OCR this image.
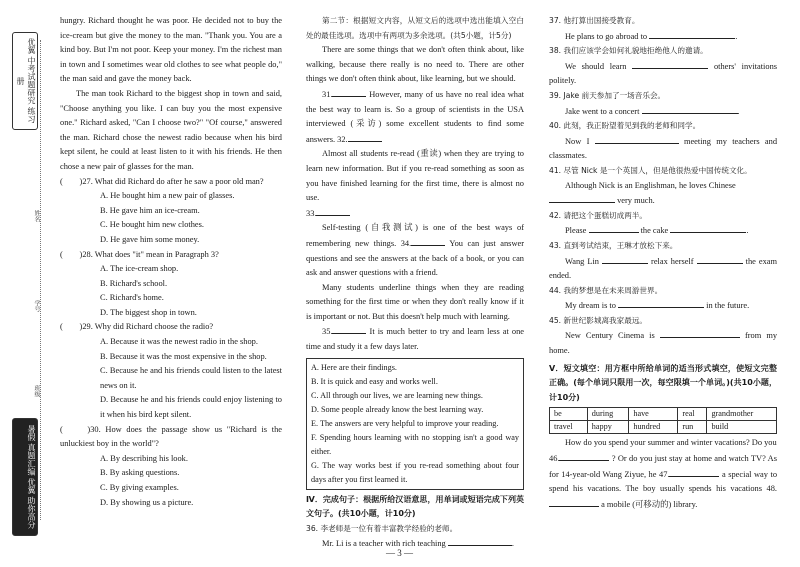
优翼 中考试题研究 练习册
姓名
学号
班级
暑假 真题汇编 优翼 助你高分

hungry. Richard thought he was poor. He decided not to buy the ice-cream but give the money to the man. "Thank you. You are a kind boy. But I'm not poor. Keep your money. I'm the richest man in town and I sometimes wear old clothes to see what people do," the man said and gave the money back.

The man took Richard to the biggest shop in town and said, "Choose anything you like. I can buy you the most expensive one." Richard asked, "Can I choose two?" "Of course," answered the man. Richard chose the newest radio because when his bird kept silent, he could at least listen to it with his friends. He then chose a new pair of glasses for the man.

(　　)27. What did Richard do after he saw a poor old man?

A. He bought him a new pair of glasses.

B. He gave him an ice-cream.

C. He bought him new clothes.

D. He gave him some money.

(　　)28. What does "it" mean in Paragraph 3?

A. The ice-cream shop.

B. Richard's school.

C. Richard's home.

D. The biggest shop in town.

(　　)29. Why did Richard choose the radio?

A. Because it was the newest radio in the shop.

B. Because it was the most expensive in the shop.

C. Because he and his friends could listen to the latest news on it.

D. Because he and his friends could enjoy listening to it when his bird kept silent.

(　　)30. How does the passage show us "Richard is the unluckiest boy in the world"?

A. By describing his look.

B. By asking questions.

C. By giving examples.

D. By showing us a picture.

第二节：根据短文内容，从短文后的选项中选出能填入空白处的最佳选项。选项中有两项为多余选项。(共5小题，计5分)

There are some things that we don't often think about, like walking, because there really is no need to. There are other things we don't often think about, like learning, but we should.

31.	However, many of us have no real idea what the best way to learn is. So a group of scientists in the USA interviewed (采访) some excellent students to find some answers. 32.

Almost all students re-read (重读) when they are trying to learn new information. But if you re-read something as soon as you have finished learning for the first time, there is almost no use.

33.

Self-testing (自我测试) is one of the best ways of remembering new things. 34.	You can just answer questions and see the answers at the back of a book, or you can ask and answer questions with a friend.

Many students underline things when they are reading something for the first time or when they don't really know if it is important or not. But this doesn't help much with learning.

35.	It is much better to try and learn less at one time and study it a few days later.

A. Here are their findings.

B. It is quick and easy and works well.

C. All through our lives, we are learning new things.

D. Some people already know the best learning way.

E. The answers are very helpful to improve your reading.

F. Spending hours learning with no stopping isn't a good way either.

G. The way works best if you re-read something about four days after you first learned it.

Ⅳ．完成句子：根据所给汉语意思，用单词或短语完成下列英文句子。(共10小题，计10分)

36. 李老师是一位有着丰富教学经验的老师。

Mr. Li is a teacher with rich teaching	.

37. 他打算出国接受教育。

He plans to go abroad to	.

38. 我们应该学会如何礼貌地拒绝他人的邀请。

We should learn	others' invitations politely.

39. Jake 前天参加了一场音乐会。

Jake went to a concert	.

40. 此刻，我正盼望着见到我的老师和同学。

Now I	meeting my teachers and classmates.

41. 尽管 Nick 是一个英国人，但是他很热爱中国传统文化。

Although Nick is an Englishman, he loves Chinese
very much.

42. 请把这个蛋糕切成两半。

Please	the cake	.

43. 直到考试结束，王琳才放松下来。

Wang Lin	relax herself	the exam ended.

44. 我的梦想是在未来周游世界。

My dream is to	in the future.

45. 新世纪影城离我家最远。

New Century Cinema is	from my home.

Ⅴ．短文填空：用方框中所给单词的适当形式填空，使短文完整正确。(每个单词只限用一次，每空限填一个单词。)(共10小题，计10分)

be	during	have	real	grandmother
travel	happy	hundred	run	build

How do you spend your summer and winter vacations? Do you

46.	? Or do you just stay at home and watch TV? As for 14-year-old Wang Ziyue, he 47.	a special way to spend his vacations. The boy usually spends his vacations 48. a mobile (可移动的) library.

— 3 —
